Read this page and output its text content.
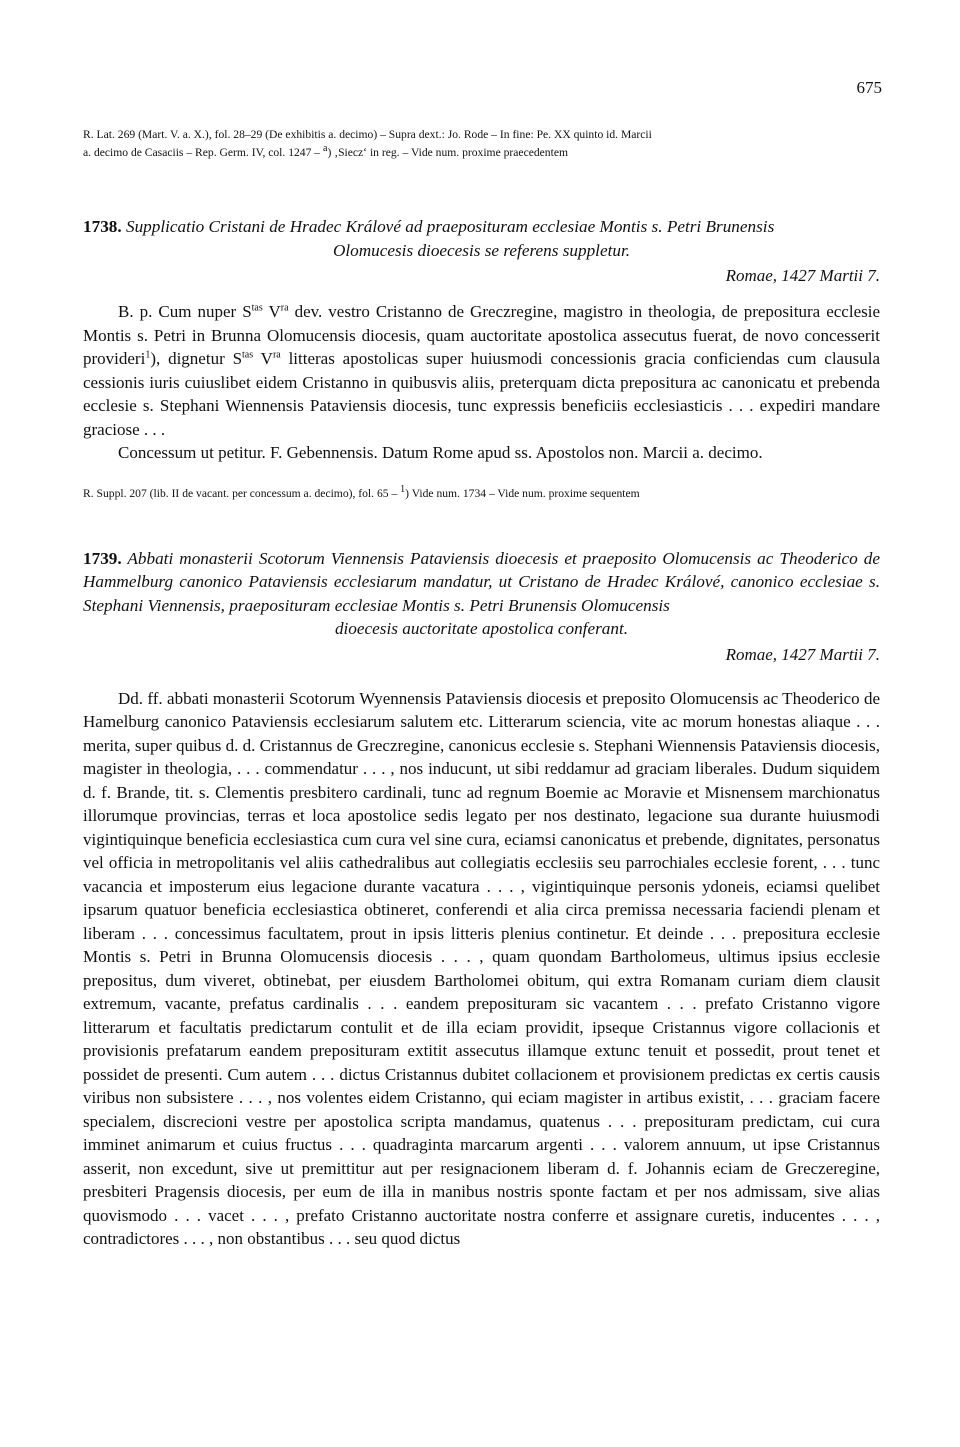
675

R. Lat. 269 (Mart. V. a. X.), fol. 28–29 (De exhibitis a. decimo) – Supra dext.: Jo. Rode – In fine: Pe. XX quinto id. Marcii
a. decimo de Casaciis – Rep. Germ. IV, col. 1247 – $^a$) ‚Siecz‘ in reg. – Vide num. proxime praecedentem

1738. Supplicatio Cristani de Hradec Králové ad praeposituram ecclesiae Montis s. Petri Brunensis
Olomucesis dioecesis se referens suppletur.

Romae, 1427 Martii 7.

B. p. Cum nuper $S^{tas}$ $V^{ra}$ dev. vestro Cristanno de Greczregine, magistro in theologia, de prepositura ecclesie Montis s. Petri in Brunna Olomucensis diocesis, quam auctoritate apostolica assecutus fuerat, de novo concesserit provideri$^1$), dignetur $S^{tas}$ $V^{ra}$ litteras apostolicas super huiusmodi concessionis gracia conficiendas cum clausula cessionis iuris cuiuslibet eidem Cristanno in quibusvis aliis, preterquam dicta prepositura ac canonicatu et prebenda ecclesie s. Stephani Wiennensis Pataviensis diocesis, tunc expressis beneficiis ecclesiasticis . . . expediri mandare graciose . . .

Concessum ut petitur. F. Gebennensis. Datum Rome apud ss. Apostolos non. Marcii a. decimo.

R. Suppl. 207 (lib. II de vacant. per concessum a. decimo), fol. 65 – $^1$) Vide num. 1734 – Vide num. proxime sequentem

1739. Abbati monasterii Scotorum Viennensis Pataviensis dioecesis et praeposito Olomucensis ac Theoderico de Hammelburg canonico Pataviensis ecclesiarum mandatur, ut Cristano de Hradec Králové, canonico ecclesiae s. Stephani Viennensis, praeposituram ecclesiae Montis s. Petri Brunensis Olomucensis
dioecesis auctoritate apostolica conferant.

Romae, 1427 Martii 7.

Dd. ff. abbati monasterii Scotorum Wyennensis Pataviensis diocesis et preposito Olomucensis ac Theoderico de Hamelburg canonico Pataviensis ecclesiarum salutem etc. Litterarum sciencia, vite ac morum honestas aliaque . . . merita, super quibus d. d. Cristannus de Greczregine, canonicus ecclesie s. Stephani Wiennensis Pataviensis diocesis, magister in theologia, . . . commendatur . . . , nos inducunt, ut sibi reddamur ad graciam liberales. Dudum siquidem d. f. Brande, tit. s. Clementis presbitero cardinali, tunc ad regnum Boemie ac Moravie et Misnensem marchionatus illorumque provincias, terras et loca apostolice sedis legato per nos destinato, legacione sua durante huiusmodi vigintiquinque beneficia ecclesiastica cum cura vel sine cura, eciamsi canonicatus et prebende, dignitates, personatus vel officia in metropolitanis vel aliis cathedralibus aut collegiatis ecclesiis seu parrochiales ecclesie forent, . . . tunc vacancia et imposterum eius legacione durante vacatura . . . , vigintiquinque personis ydoneis, eciamsi quelibet ipsarum quatuor beneficia ecclesiastica obtineret, conferendi et alia circa premissa necessaria faciendi plenam et liberam . . . concessimus facultatem, prout in ipsis litteris plenius continetur. Et deinde . . . prepositura ecclesie Montis s. Petri in Brunna Olomucensis diocesis . . . , quam quondam Bartholomeus, ultimus ipsius ecclesie prepositus, dum viveret, obtinebat, per eiusdem Bartholomei obitum, qui extra Romanam curiam diem clausit extremum, vacante, prefatus cardinalis . . . eandem preposituram sic vacantem . . . prefato Cristanno vigore litterarum et facultatis predictarum contulit et de illa eciam providit, ipseque Cristannus vigore collacionis et provisionis prefatarum eandem preposituram extitit assecutus illamque extunc tenuit et possedit, prout tenet et possidet de presenti. Cum autem . . . dictus Cristannus dubitet collacionem et provisionem predictas ex certis causis viribus non subsistere . . . , nos volentes eidem Cristanno, qui eciam magister in artibus existit, . . . graciam facere specialem, discrecioni vestre per apostolica scripta mandamus, quatenus . . . preposituram predictam, cui cura imminet animarum et cuius fructus . . . quadraginta marcarum argenti . . . valorem annuum, ut ipse Cristannus asserit, non excedunt, sive ut premittitur aut per resignacionem liberam d. f. Johannis eciam de Greczeregine, presbiteri Pragensis diocesis, per eum de illa in manibus nostris sponte factam et per nos admissam, sive alias quovismodo . . . vacet . . . , prefato Cristanno auctoritate nostra conferre et assignare curetis, inducentes . . . , contradictores . . . , non obstantibus . . . seu quod dictus
